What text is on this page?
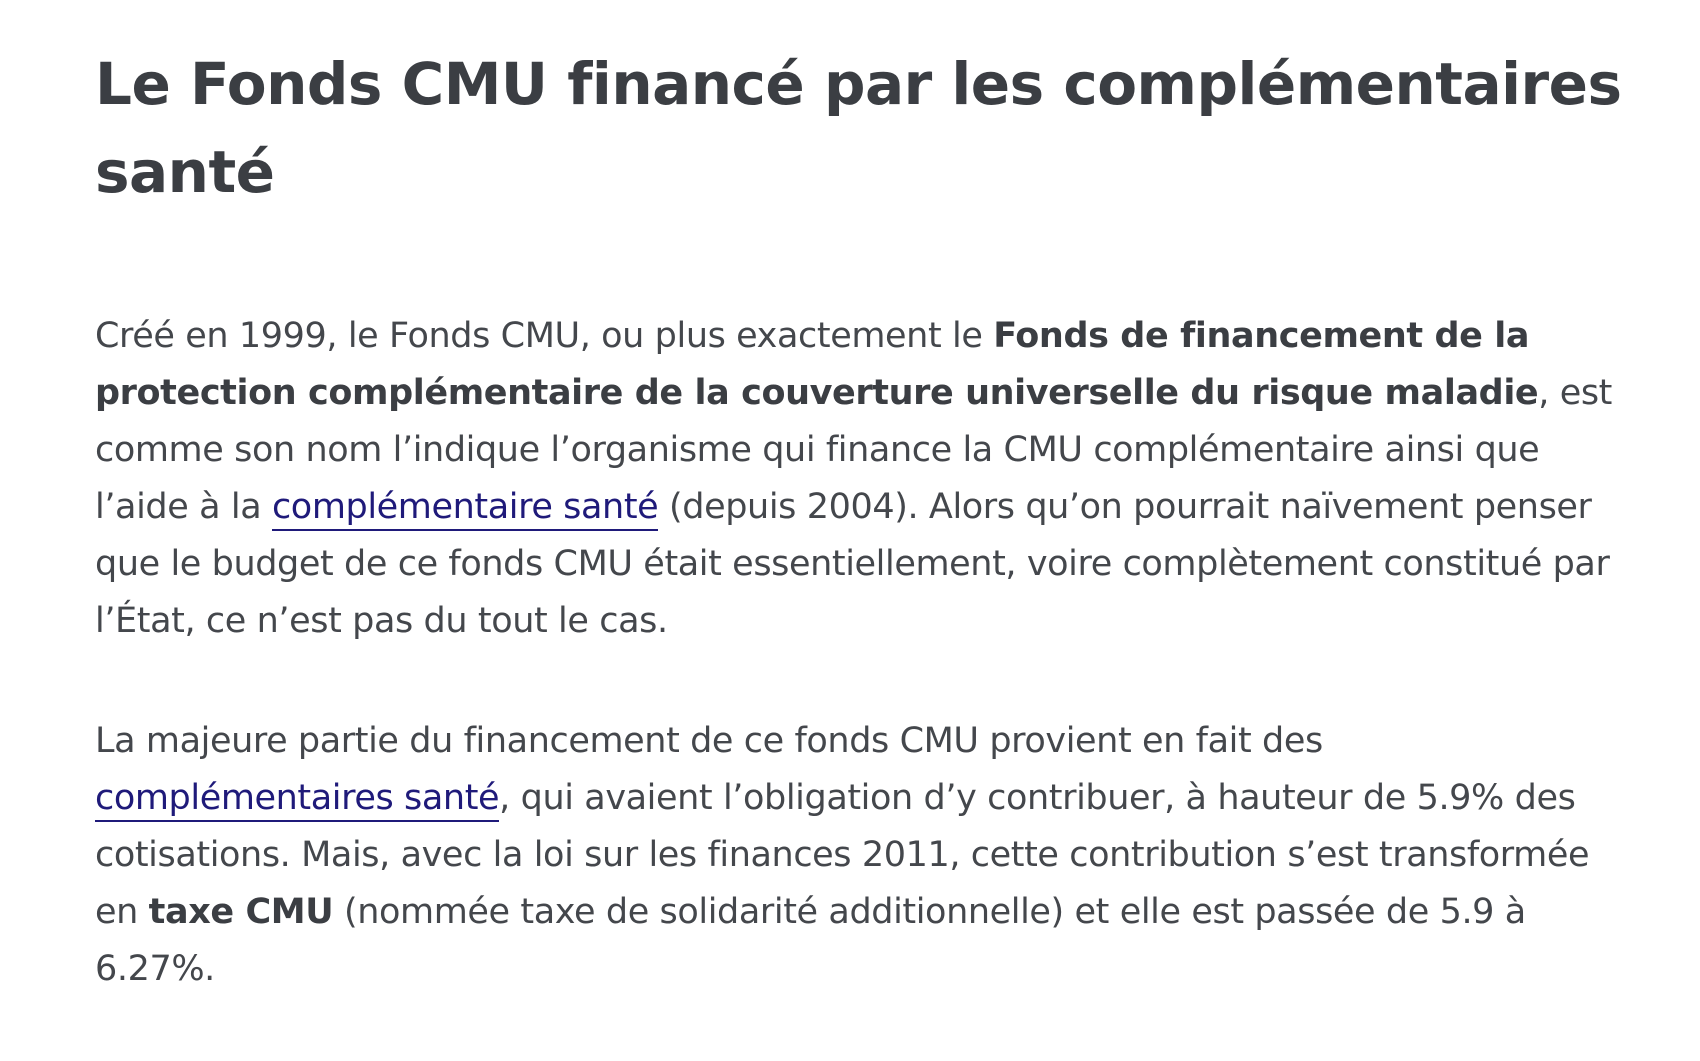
Le Fonds CMU financé par les complémentaires santé

Créé en 1999, le Fonds CMU, ou plus exactement le Fonds de financement de la protection complémentaire de la couverture universelle du risque maladie, est comme son nom l’indique l’organisme qui finance la CMU complémentaire ainsi que l’aide à la complémentaire santé (depuis 2004). Alors qu’on pourrait naïvement penser que le budget de ce fonds CMU était essentiellement, voire complètement constitué par l’État, ce n’est pas du tout le cas.

La majeure partie du financement de ce fonds CMU provient en fait des complémentaires santé, qui avaient l’obligation d’y contribuer, à hauteur de 5.9% des cotisations. Mais, avec la loi sur les finances 2011, cette contribution s’est transformée en taxe CMU (nommée taxe de solidarité additionnelle) et elle est passée de 5.9 à 6.27%.
